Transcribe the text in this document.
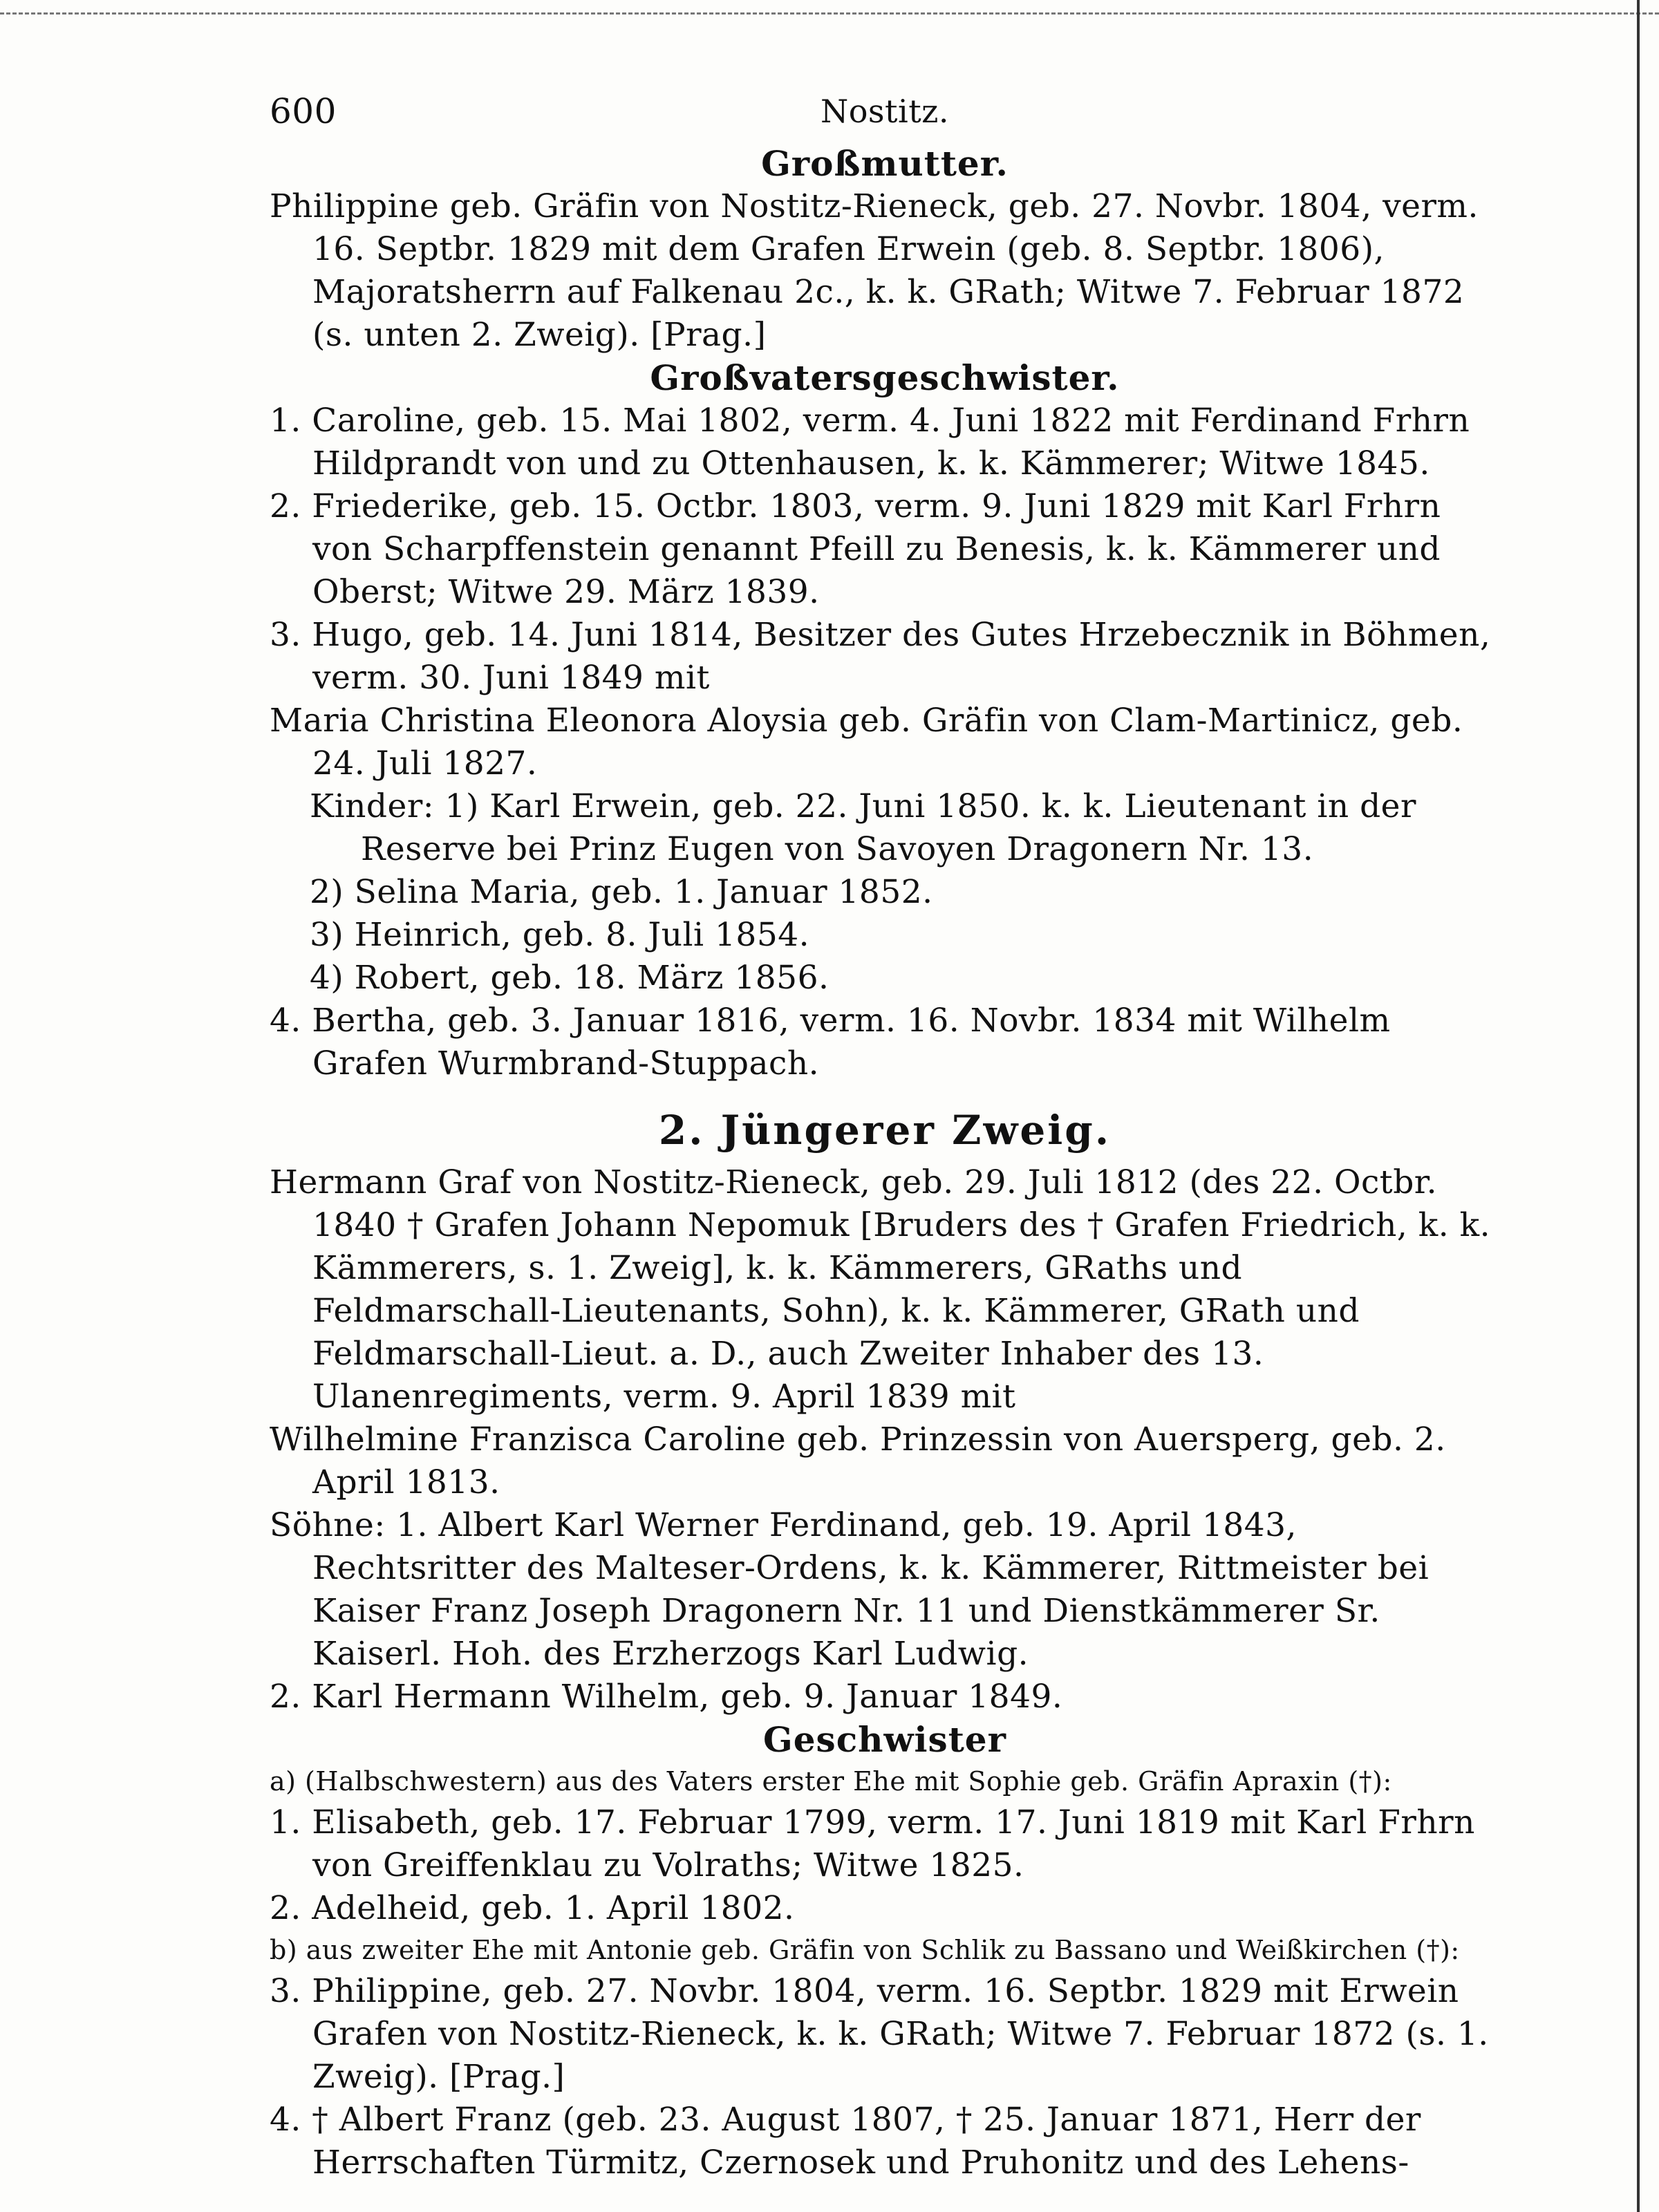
600	Nostitz.

Großmutter.

Philippine geb. Gräfin von Nostitz-Rieneck, geb. 27. Novbr. 1804, verm. 16. Septbr. 1829 mit dem Grafen Erwein (geb. 8. Septbr. 1806), Majoratsherrn auf Falkenau 2c., k. k. GRath; Witwe 7. Februar 1872 (s. unten 2. Zweig). [Prag.]

Großvatersgeschwister.

1. Caroline, geb. 15. Mai 1802, verm. 4. Juni 1822 mit Ferdinand Frhrn Hildprandt von und zu Ottenhausen, k. k. Kämmerer; Witwe 1845.

2. Friederike, geb. 15. Octbr. 1803, verm. 9. Juni 1829 mit Karl Frhrn von Scharpffenstein genannt Pfeill zu Benesis, k. k. Kämmerer und Oberst; Witwe 29. März 1839.

3. Hugo, geb. 14. Juni 1814, Besitzer des Gutes Hrzebecznik in Böhmen, verm. 30. Juni 1849 mit

Maria Christina Eleonora Aloysia geb. Gräfin von Clam-Martinicz, geb. 24. Juli 1827.

Kinder: 1) Karl Erwein, geb. 22. Juni 1850. k. k. Lieutenant in der Reserve bei Prinz Eugen von Savoyen Dragonern Nr. 13.

2) Selina Maria, geb. 1. Januar 1852.

3) Heinrich, geb. 8. Juli 1854.

4) Robert, geb. 18. März 1856.

4. Bertha, geb. 3. Januar 1816, verm. 16. Novbr. 1834 mit Wilhelm Grafen Wurmbrand-Stuppach.

2. Jüngerer Zweig.

Hermann Graf von Nostitz-Rieneck, geb. 29. Juli 1812 (des 22. Octbr. 1840 † Grafen Johann Nepomuk [Bruders des † Grafen Friedrich, k. k. Kämmerers, s. 1. Zweig], k. k. Kämmerers, GRaths und Feldmarschall-Lieutenants, Sohn), k. k. Kämmerer, GRath und Feldmarschall-Lieut. a. D., auch Zweiter Inhaber des 13. Ulanenregiments, verm. 9. April 1839 mit

Wilhelmine Franzisca Caroline geb. Prinzessin von Auersperg, geb. 2. April 1813.

Söhne: 1. Albert Karl Werner Ferdinand, geb. 19. April 1843, Rechtsritter des Malteser-Ordens, k. k. Kämmerer, Rittmeister bei Kaiser Franz Joseph Dragonern Nr. 11 und Dienstkämmerer Sr. Kaiserl. Hoh. des Erzherzogs Karl Ludwig.

2. Karl Hermann Wilhelm, geb. 9. Januar 1849.

Geschwister

a) (Halbschwestern) aus des Vaters erster Ehe mit Sophie geb. Gräfin Apraxin (†):

1. Elisabeth, geb. 17. Februar 1799, verm. 17. Juni 1819 mit Karl Frhrn von Greiffenklau zu Volraths; Witwe 1825.

2. Adelheid, geb. 1. April 1802.

b) aus zweiter Ehe mit Antonie geb. Gräfin von Schlik zu Bassano und Weißkirchen (†):

3. Philippine, geb. 27. Novbr. 1804, verm. 16. Septbr. 1829 mit Erwein Grafen von Nostitz-Rieneck, k. k. GRath; Witwe 7. Februar 1872 (s. 1. Zweig). [Prag.]

4. † Albert Franz (geb. 23. August 1807, † 25. Januar 1871, Herr der Herrschaften Türmitz, Czernosek und Pruhonitz und des Lehens-
